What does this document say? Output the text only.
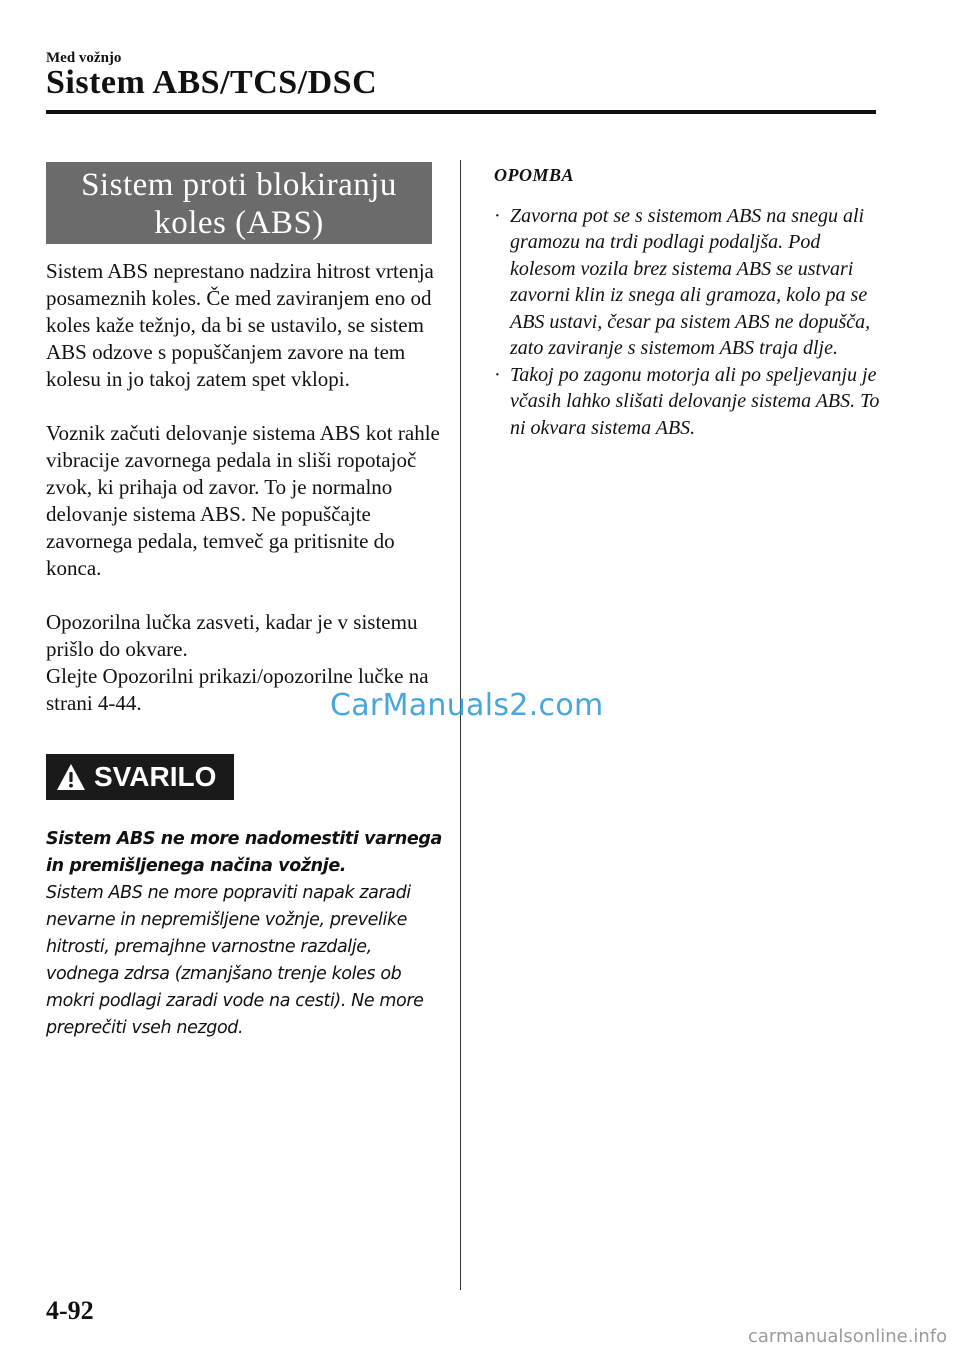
Med vožnjo
Sistem ABS/TCS/DSC
Sistem proti blokiranju
koles (ABS)

Sistem ABS neprestano nadzira hitrost vrtenja posameznih koles. Če med zaviranjem eno od koles kaže težnjo, da bi se ustavilo, se sistem ABS odzove s popuščanjem zavore na tem kolesu in jo takoj zatem spet vklopi.

Voznik začuti delovanje sistema ABS kot rahle vibracije zavornega pedala in sliši ropotajoč zvok, ki prihaja od zavor. To je normalno delovanje sistema ABS. Ne popuščajte zavornega pedala, temveč ga pritisnite do konca.

Opozorilna lučka zasveti, kadar je v sistemu prišlo do okvare.

Glejte Opozorilni prikazi/opozorilne lučke na strani 4-44.

SVARILO
Sistem ABS ne more nadomestiti varnega in premišljenega načina vožnje.
Sistem ABS ne more popraviti napak zaradi nevarne in nepremišljene vožnje, prevelike hitrosti, premajhne varnostne razdalje, vodnega zdrsa (zmanjšano trenje koles ob mokri podlagi zaradi vode na cesti). Ne more preprečiti vseh nezgod.
OPOMBA
· Zavorna pot se s sistemom ABS na snegu ali gramozu na trdi podlagi podaljša. Pod kolesom vozila brez sistema ABS se ustvari zavorni klin iz snega ali gramoza, kolo pa se ABS ustavi, česar pa sistem ABS ne dopušča, zato zaviranje s sistemom ABS traja dlje.
· Takoj po zagonu motorja ali po speljevanju je včasih lahko slišati delovanje sistema ABS. To ni okvara sistema ABS.
CarManuals2.com
4-92
carmanualsonline.info
